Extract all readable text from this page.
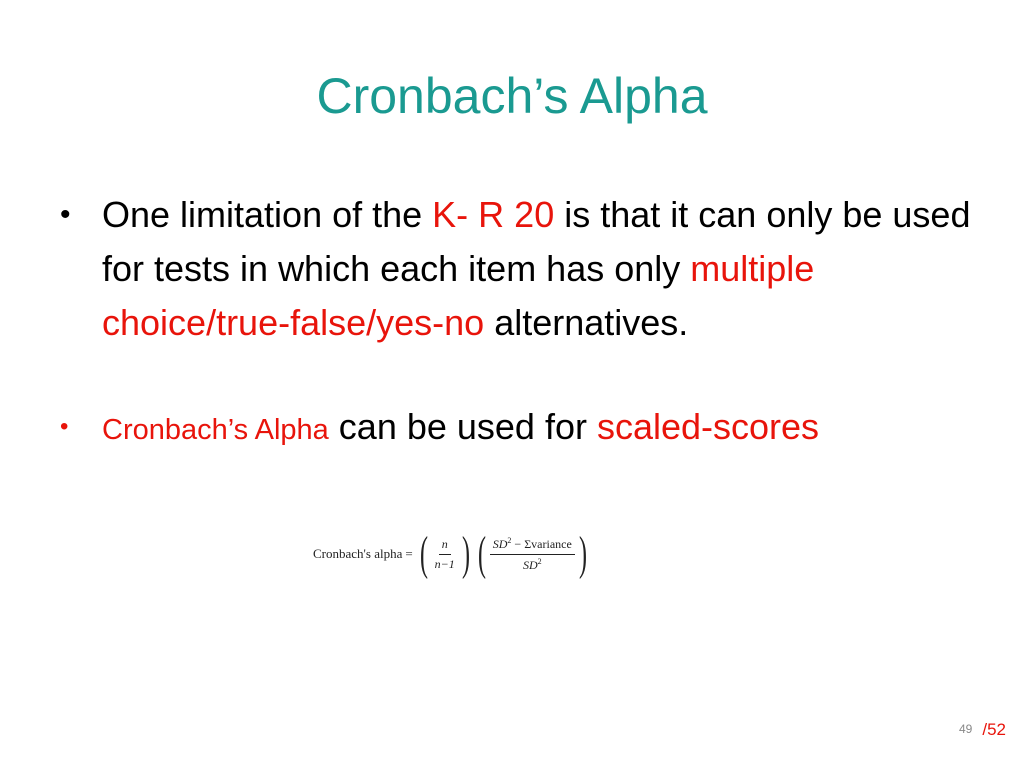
Cronbach’s Alpha
• One limitation of the K- R 20 is that it can only be used for tests in which each item has only multiple choice/true-false/yes-no alternatives.
• Cronbach’s Alpha can be used for scaled-scores
Cronbach's alpha = ( $\frac{n}{n-1}$ ) ( $\frac{SD^2 - \Sigma variance}{SD^2}$ )
49 /52
